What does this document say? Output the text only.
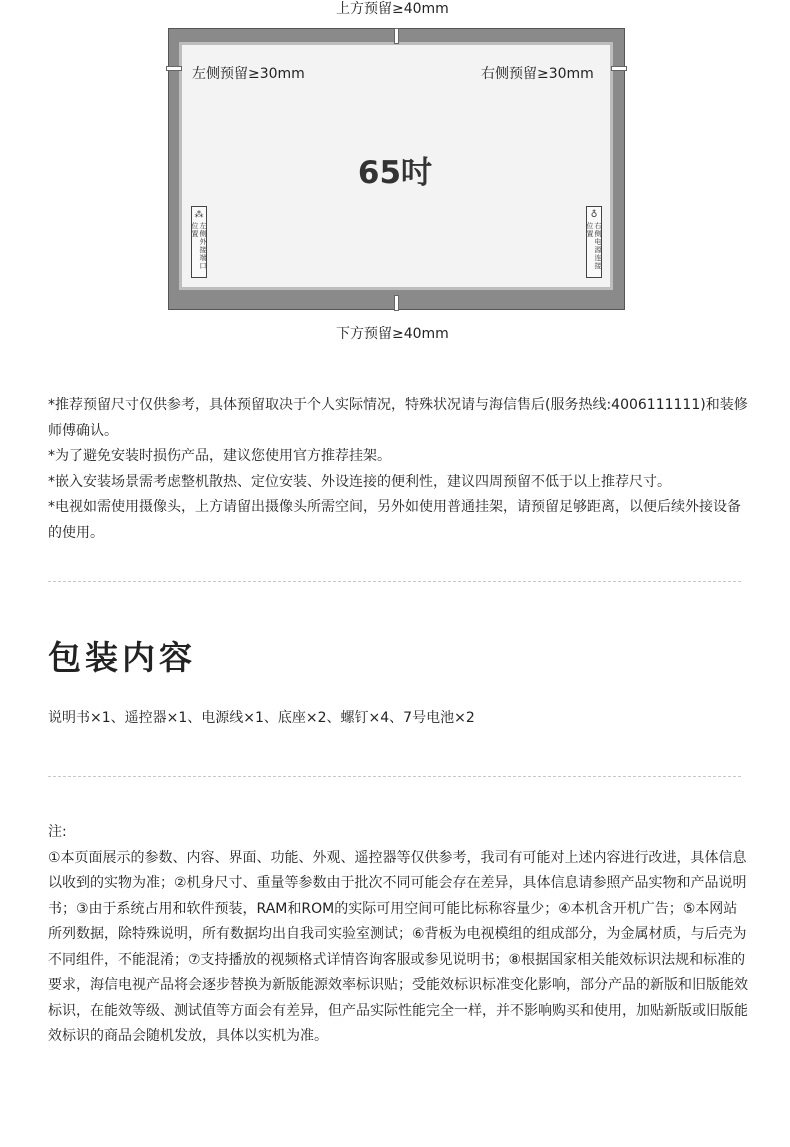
上方预留≥40mm
左侧预留≥30mm	右侧预留≥30mm
65吋
⁂
左侧外接端口位置
♁
右侧电源连接位置
下方预留≥40mm

*推荐预留尺寸仅供参考，具体预留取决于个人实际情况，特殊状况请与海信售后(服务热线:4006111111)和装修师傅确认。

*为了避免安装时损伤产品，建议您使用官方推荐挂架。

*嵌入安装场景需考虑整机散热、定位安装、外设连接的便利性，建议四周预留不低于以上推荐尺寸。

*电视如需使用摄像头，上方请留出摄像头所需空间，另外如使用普通挂架，请预留足够距离，以便后续外接设备的使用。

包装内容
说明书×1、遥控器×1、电源线×1、底座×2、螺钉×4、7号电池×2

注:

①本页面展示的参数、内容、界面、功能、外观、遥控器等仅供参考，我司有可能对上述内容进行改进，具体信息以收到的实物为准；②机身尺寸、重量等参数由于批次不同可能会存在差异，具体信息请参照产品实物和产品说明书；③由于系统占用和软件预装，RAM和ROM的实际可用空间可能比标称容量少；④本机含开机广告；⑤本网站所列数据，除特殊说明，所有数据均出自我司实验室测试；⑥背板为电视模组的组成部分，为金属材质，与后壳为不同组件，不能混淆；⑦支持播放的视频格式详情咨询客服或参见说明书；⑧根据国家相关能效标识法规和标准的要求，海信电视产品将会逐步替换为新版能源效率标识贴；受能效标识标准变化影响，部分产品的新版和旧版能效标识，在能效等级、测试值等方面会有差异，但产品实际性能完全一样，并不影响购买和使用，加贴新版或旧版能效标识的商品会随机发放，具体以实机为准。
